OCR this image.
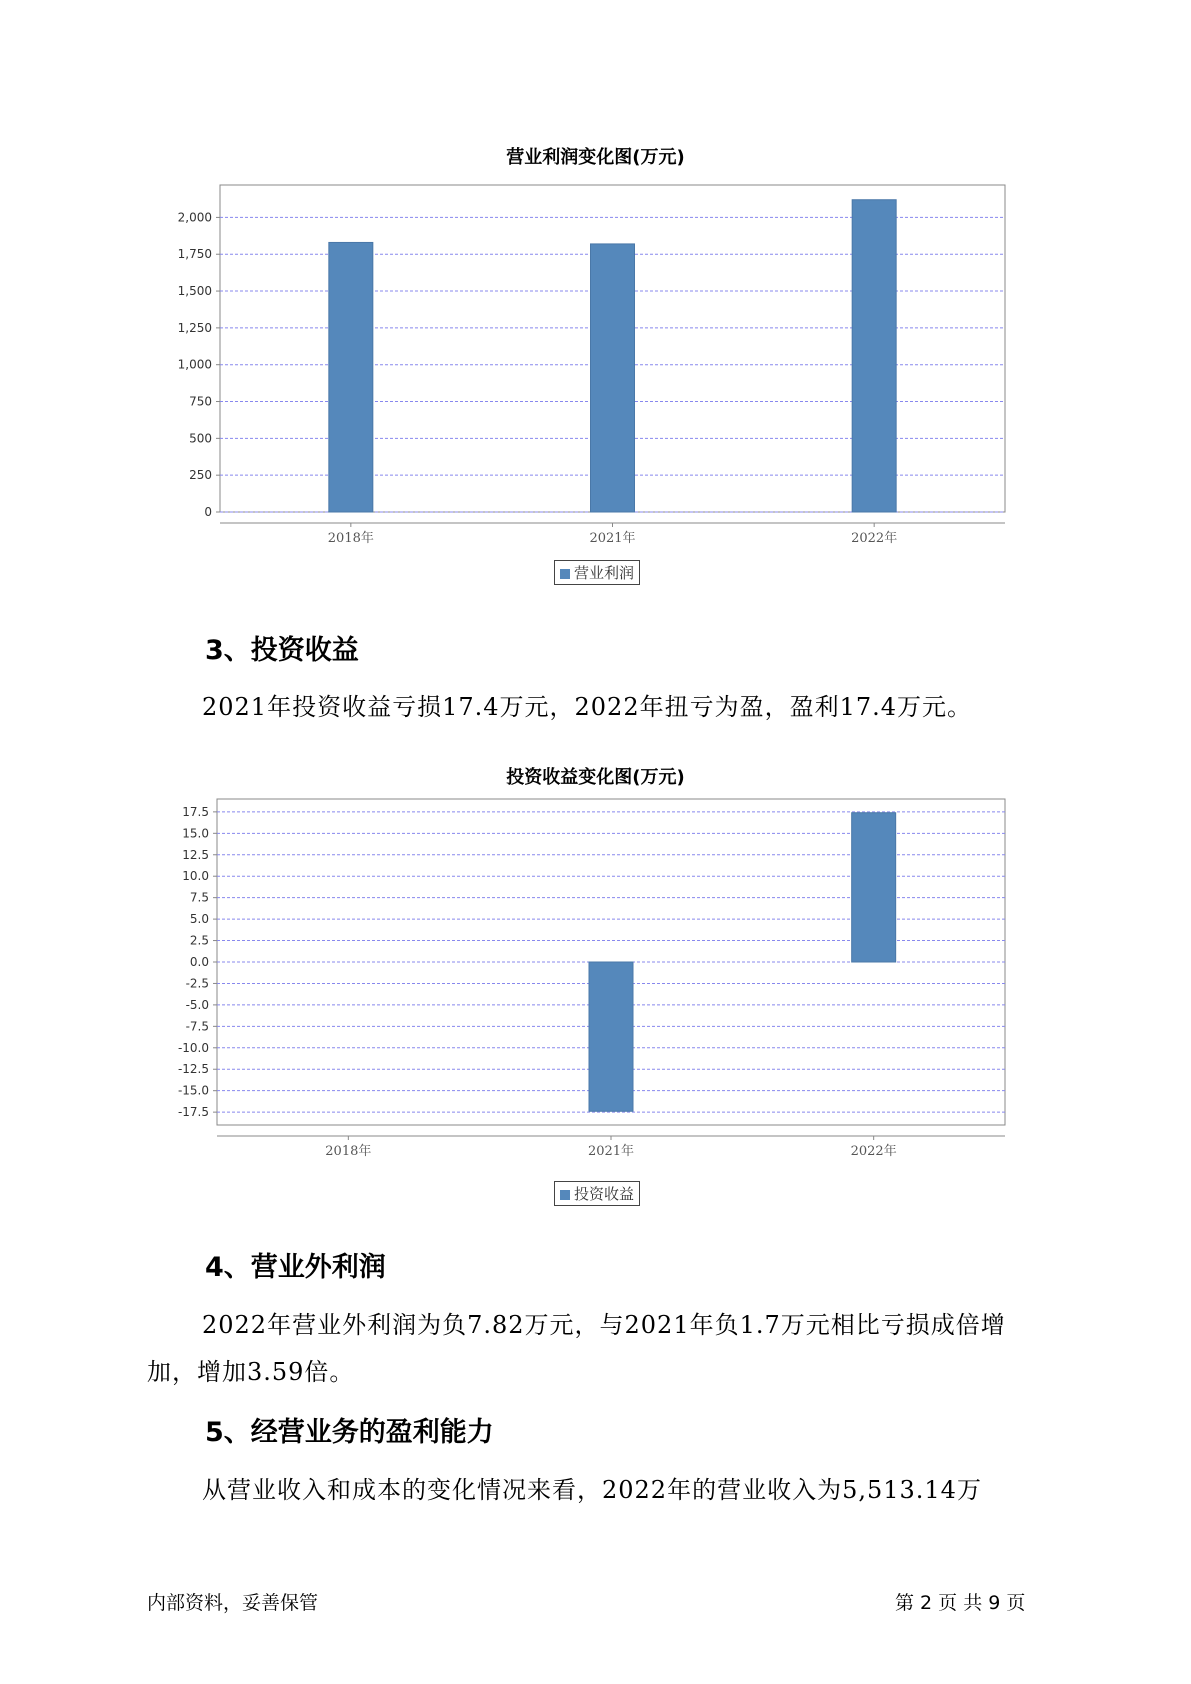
营业利润变化图(万元)
0
250
500
750
1,000
1,250
1,500
1,750
2,000
2018年	2021年	2022年
营业利润
3、投资收益
2021年投资收益亏损17.4万元，2022年扭亏为盈，盈利17.4万元。
投资收益变化图(万元)
-17.5
-15.0
-12.5
-10.0
-7.5
-5.0
-2.5
0.0
2.5
5.0
7.5
10.0
12.5
15.0
17.5
2018年	2021年	2022年
投资收益
4、营业外利润
2022年营业外利润为负7.82万元，与2021年负1.7万元相比亏损成倍增
加，增加3.59倍。
5、经营业务的盈利能力
从营业收入和成本的变化情况来看，2022年的营业收入为5,513.14万
内部资料，妥善保管	第 2 页 共 9 页
